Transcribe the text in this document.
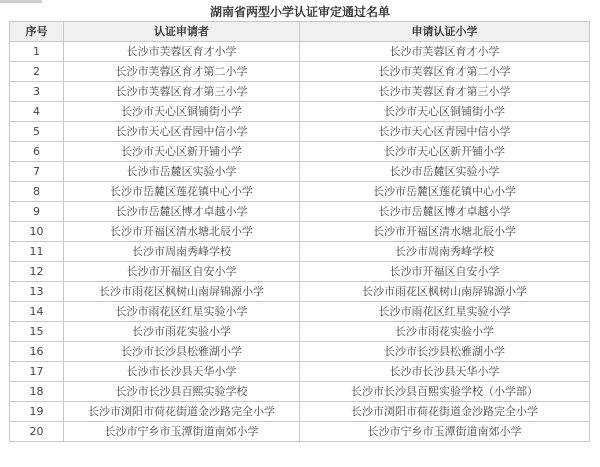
湖南省两型小学认证审定通过名单
序号	认证申请者	申请认证小学
1	长沙市芙蓉区育才小学	长沙市芙蓉区育才小学
2	长沙市芙蓉区育才第二小学	长沙市芙蓉区育才第二小学
3	长沙市芙蓉区育才第三小学	长沙市芙蓉区育才第三小学
4	长沙市天心区铜铺街小学	长沙市天心区铜铺街小学
5	长沙市天心区青园中信小学	长沙市天心区青园中信小学
6	长沙市天心区新开铺小学	长沙市天心区新开铺小学
7	长沙市岳麓区实验小学	长沙市岳麓区实验小学
8	长沙市岳麓区莲花镇中心小学	长沙市岳麓区莲花镇中心小学
9	长沙市岳麓区博才卓越小学	长沙市岳麓区博才卓越小学
10	长沙市开福区清水塘北辰小学	长沙市开福区清水塘北辰小学
11	长沙市周南秀峰学校	长沙市周南秀峰学校
12	长沙市开福区自安小学	长沙市开福区自安小学
13	长沙市雨花区枫树山南屏锦源小学	长沙市雨花区枫树山南屏锦源小学
14	长沙市雨花区红星实验小学	长沙市雨花区红星实验小学
15	长沙市雨花实验小学	长沙市雨花实验小学
16	长沙市长沙县松雅湖小学	长沙市长沙县松雅湖小学
17	长沙市长沙县天华小学	长沙市长沙县天华小学
18	长沙市长沙县百熙实验学校	长沙市长沙县百熙实验学校（小学部）
19	长沙市浏阳市荷花街道金沙路完全小学	长沙市浏阳市荷花街道金沙路完全小学
20	长沙市宁乡市玉潭街道南郊小学	长沙市宁乡市玉潭街道南郊小学
